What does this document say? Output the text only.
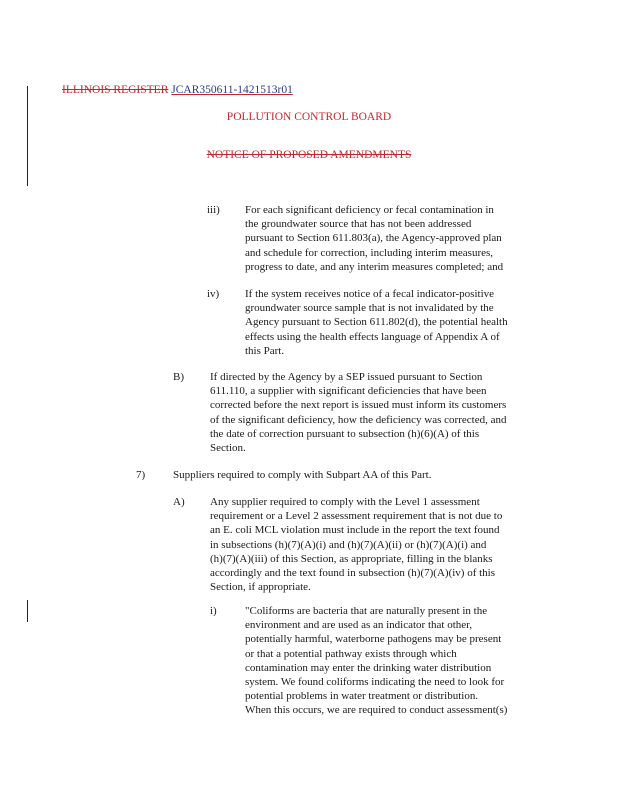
ILLINOIS REGISTER JCAR350611-1421513r01
POLLUTION CONTROL BOARD
NOTICE OF PROPOSED AMENDMENTS
iii) For each significant deficiency or fecal contamination in
the groundwater source that has not been addressed
pursuant to Section 611.803(a), the Agency-approved plan
and schedule for correction, including interim measures,
progress to date, and any interim measures completed; and
iv) If the system receives notice of a fecal indicator-positive
groundwater source sample that is not invalidated by the
Agency pursuant to Section 611.802(d), the potential health
effects using the health effects language of Appendix A of
this Part.
B) If directed by the Agency by a SEP issued pursuant to Section
611.110, a supplier with significant deficiencies that have been
corrected before the next report is issued must inform its customers
of the significant deficiency, how the deficiency was corrected, and
the date of correction pursuant to subsection (h)(6)(A) of this
Section.
7)	Suppliers required to comply with Subpart AA of this Part.
A) Any supplier required to comply with the Level 1 assessment
requirement or a Level 2 assessment requirement that is not due to
an E. coli MCL violation must include in the report the text found
in subsections (h)(7)(A)(i) and (h)(7)(A)(ii) or (h)(7)(A)(i) and
(h)(7)(A)(iii) of this Section, as appropriate, filling in the blanks
accordingly and the text found in subsection (h)(7)(A)(iv) of this
Section, if appropriate.
i)	"Coliforms are bacteria that are naturally present in the
environment and are used as an indicator that other,
potentially harmful, waterborne pathogens may be present
or that a potential pathway exists through which
contamination may enter the drinking water distribution
system. We found coliforms indicating the need to look for
potential problems in water treatment or distribution.
When this occurs, we are required to conduct assessment(s)
